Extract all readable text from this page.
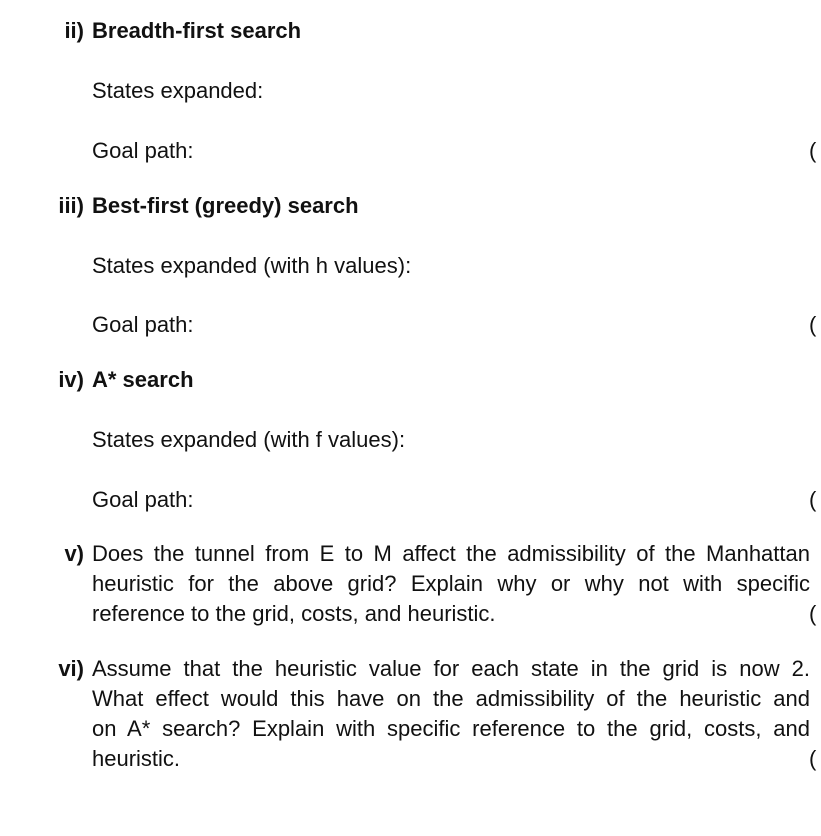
ii) Breadth-first search
States expanded:
Goal path:	(
iii) Best-first (greedy) search
States expanded (with h values):
Goal path:	(
iv) A* search
States expanded (with f values):
Goal path:	(
v) Does the tunnel from E to M affect the admissibility of the Manhattan
heuristic for the above grid? Explain why or why not with specific
reference to the grid, costs, and heuristic.	(
vi) Assume that the heuristic value for each state in the grid is now 2.
What effect would this have on the admissibility of the heuristic and
on A* search? Explain with specific reference to the grid, costs, and
heuristic.	(
